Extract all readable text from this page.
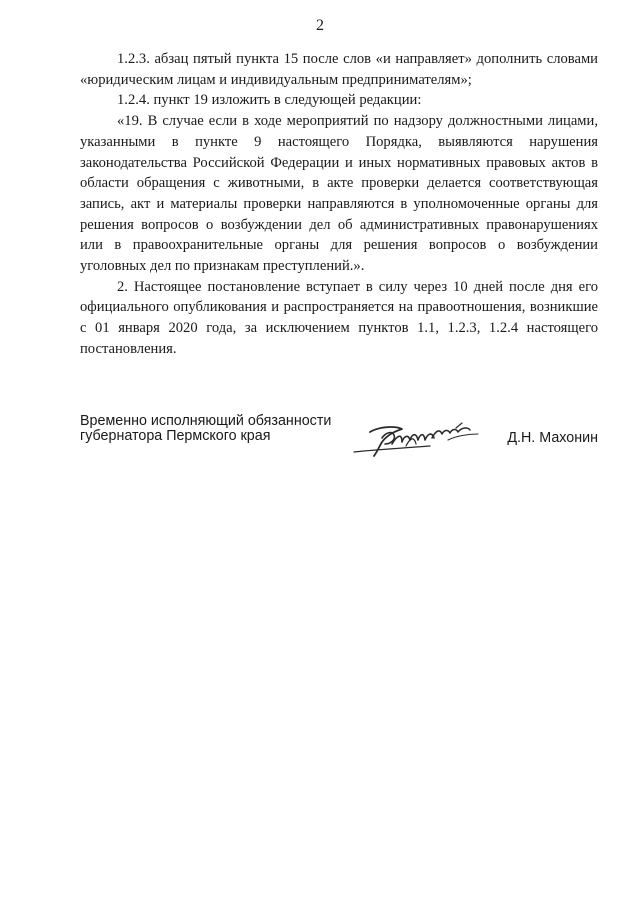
2

1.2.3. абзац пятый пункта 15 после слов «и направляет» дополнить словами «юридическим лицам и индивидуальным предпринимателям»;

1.2.4. пункт 19 изложить в следующей редакции:

«19. В случае если в ходе мероприятий по надзору должностными лицами, указанными в пункте 9 настоящего Порядка, выявляются нарушения законодательства Российской Федерации и иных нормативных правовых актов в области обращения с животными, в акте проверки делается соответствующая запись, акт и материалы проверки направляются в уполномоченные органы для решения вопросов о возбуждении дел об административных правонарушениях или в правоохранительные органы для решения вопросов о возбуждении уголовных дел по признакам преступлений.».

2. Настоящее постановление вступает в силу через 10 дней после дня его официального опубликования и распространяется на правоотношения, возникшие с 01 января 2020 года, за исключением пунктов 1.1, 1.2.3, 1.2.4 настоящего постановления.

Временно исполняющий обязанности
губернатора Пермского края	Д.Н. Махонин
